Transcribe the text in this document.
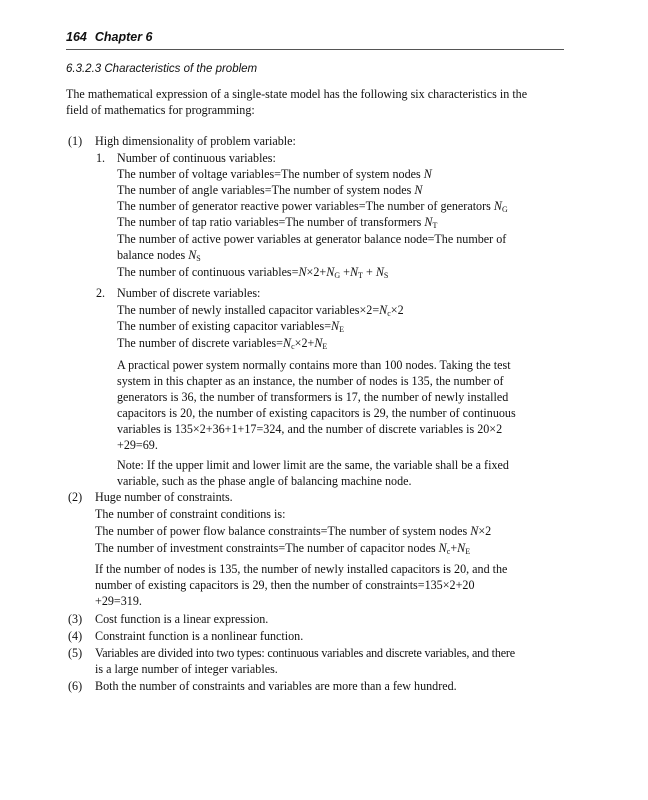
164 Chapter 6
6.3.2.3 Characteristics of the problem
The mathematical expression of a single-state model has the following six characteristics in the
field of mathematics for programming:
(1) High dimensionality of problem variable:
1. Number of continuous variables:
The number of voltage variables=The number of system nodes N
The number of angle variables=The number of system nodes N
The number of generator reactive power variables=The number of generators $N_G$
The number of tap ratio variables=The number of transformers $N_T$
The number of active power variables at generator balance node=The number of
balance nodes $N_S$
The number of continuous $variables=N\times 2+N_G +N_T + N_S$
2. Number of discrete variables:
The number of newly installed capacitor $variables\times 2=N_c\times 2$
The number of existing capacitor $variables=N_E$
The number of discrete $variables=N_c\times 2+N_E$
A practical power system normally contains more than 100 nodes. Taking the test
system in this chapter as an instance, the number of nodes is 135, the number of
generators is 36, the number of transformers is 17, the number of newly installed
capacitors is 20, the number of existing capacitors is 29, the number of continuous
variables is 135×2+36+1+17=324, and the number of discrete variables is 20×2
+29=69.
Note: If the upper limit and lower limit are the same, the variable shall be a fixed
variable, such as the phase angle of balancing machine node.
(2) Huge number of constraints.
The number of constraint conditions is:
The number of power flow balance constraints=The number of system nodes N×2
The number of investment constraints=The number of capacitor nodes $N_c+N_E$
If the number of nodes is 135, the number of newly installed capacitors is 20, and the
number of existing capacitors is 29, then the number of constraints=135×2+20
+29=319.
(3) Cost function is a linear expression.
(4) Constraint function is a nonlinear function.
(5) Variables are divided into two types: continuous variables and discrete variables, and there
is a large number of integer variables.
(6) Both the number of constraints and variables are more than a few hundred.
